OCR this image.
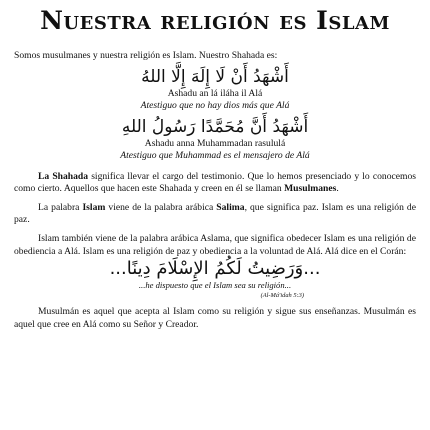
Nuestra religión es Islam

Somos musulmanes y nuestra religión es Islam. Nuestro Shahada es:

أَشْهَدُ أَنْ لَا إِلَهَ إِلَّا اللهُ
Ashadu an lá iláha il Alá
Atestiguo que no hay dios más que Alá
أَشْهَدُ أَنَّ مُحَمَّدًا رَسُولُ اللهِ
Ashadu anna Muhammadan rasululá
Atestiguo que Muhammad es el mensajero de Alá

La Shahada significa llevar el cargo del testimonio. Que lo hemos presenciado y lo conocemos como cierto. Aquellos que hacen este Shahada y creen en él se llaman Musulmanes.

La palabra Islam viene de la palabra arábica Salima, que significa paz. Islam es una religión de paz.

Islam también viene de la palabra arábica Aslama, que significa obedecer Islam es una religión de obediencia a Alá. Islam es una religión de paz y obediencia a la voluntad de Alá. Alá dice en el Corán:

...وَرَضِيتُ لَكُمُ الإِسْلَامَ دِينًا...
...he dispuesto que el Islam sea su religión...
(Al-Má'idah 5:3)

Musulmán es aquel que acepta al Islam como su religión y sigue sus enseñanzas. Musulmán es aquel que cree en Alá como su Señor y Creador.
